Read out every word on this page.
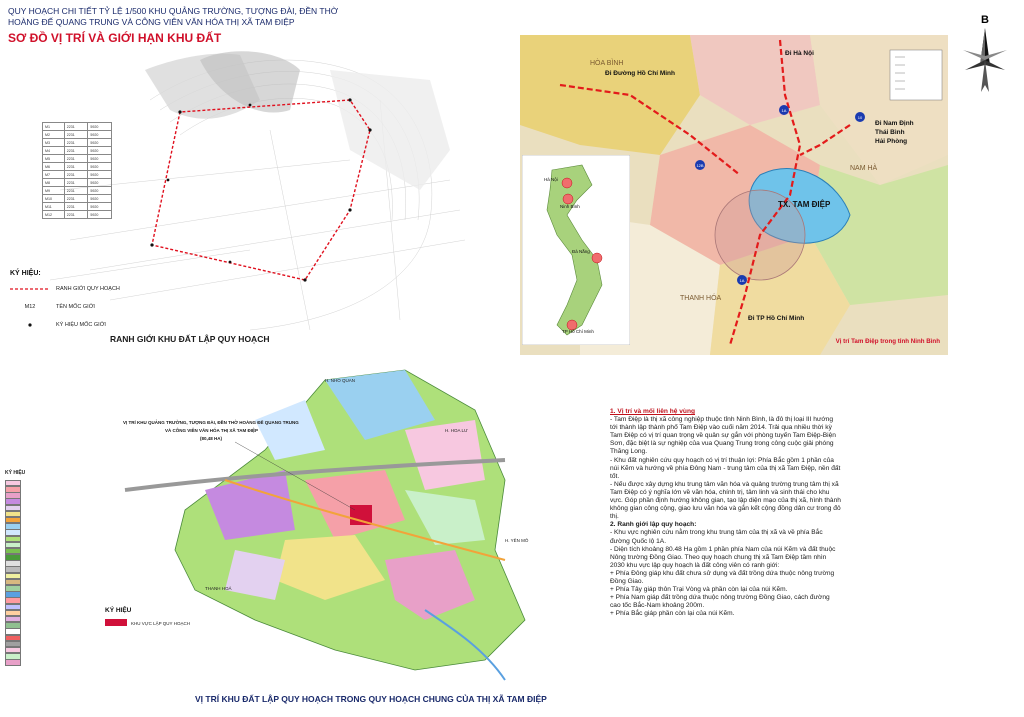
QUY HOẠCH CHI TIẾT TỶ LỆ 1/500 KHU QUẢNG TRƯỜNG, TƯỢNG ĐÀI, ĐỀN THỜ
HOÀNG ĐẾ QUANG TRUNG VÀ CÔNG VIÊN VĂN HÓA THỊ XÃ TAM ĐIỆP
SƠ ĐỒ VỊ TRÍ VÀ GIỚI HẠN KHU ĐẤT
B
M1	2231	5920
M2	2231	5920
M3	2231	5920
M4	2231	5920
M5	2231	5920
M6	2231	5920
M7	2231	5920
M8	2231	5920
M9	2231	5920
M10	2231	5920
M11	2231	5920
M12	2231	5920
KÝ HIỆU:
RANH GIỚI QUY HOẠCH
M12	TÊN MỐC GIỚI
KÝ HIỆU MỐC GIỚI
RANH GIỚI KHU ĐẤT LẬP QUY HOẠCH
1A
10
1A
12B
Đi Hà Nội
Đi Đường Hồ Chí Minh
Đi Nam Định
Thái Bình
Hải Phòng
TX. TAM ĐIỆP
Đi TP Hồ Chí Minh
HÒA BÌNH
NAM HÀ
THANH HÓA
Vị trí Tam Điệp trong tỉnh Ninh Bình
Hà Nội
Ninh Bình
Đà Nẵng
TP Hồ Chí Minh
H. NHO QUAN
H. HOA LƯ
H. YÊN MÔ
THANH HOÁ
VỊ TRÍ KHU QUẢNG TRƯỜNG, TƯỢNG ĐÀI, ĐỀN THỜ HOÀNG ĐẾ QUANG TRUNG
VÀ CÔNG VIÊN VĂN HÓA THỊ XÃ TAM ĐIỆP
(80,48 HA)
KÝ HIỆU
KHU VỰC LẬP QUY HOẠCH
KÝ HIỆU
VỊ TRÍ KHU ĐẤT LẬP QUY HOẠCH TRONG QUY HOẠCH CHUNG CỦA THỊ XÃ TAM ĐIỆP

1. Vị trí và mối liên hệ vùng

- Tam Điệp là thị xã công nghiệp thuộc tỉnh Ninh Bình, là đô thị loại III hướng tới thành lập thành phố Tam Điệp vào cuối năm 2014. Trải qua nhiều thời kỳ Tam Điệp có vị trí quan trọng về quân sự gắn với phòng tuyến Tam Điệp-Biện Sơn, đặc biệt là sự nghiệp của vua Quang Trung trong công cuộc giải phóng Thăng Long.

- Khu đất nghiên cứu quy hoạch có vị trí thuận lợi: Phía Bắc gồm 1 phần của núi Kẽm và hướng về phía Đông Nam - trung tâm của thị xã Tam Điệp, nền đất tốt.

- Nếu được xây dựng khu trung tâm văn hóa và quảng trường trung tâm thị xã Tam Điệp có ý nghĩa lớn về văn hóa, chính trị, tâm linh và sinh thái cho khu vực. Góp phần định hướng không gian, tạo lập diện mạo của thị xã, hình thành không gian công cộng, giao lưu văn hóa và gắn kết cộng đồng dân cư trong đô thị.

2. Ranh giới lập quy hoạch:

- Khu vực nghiên cứu nằm trong khu trung tâm của thị xã và về phía Bắc đường Quốc lộ 1A.

- Diện tích khoảng 80.48 Ha gồm 1 phần phía Nam của núi Kẽm và đất thuộc Nông trường Đồng Giao. Theo quy hoạch chung thị xã Tam Điệp tầm nhìn 2030 khu vực lập quy hoạch là đất công viên có ranh giới:

+ Phía Đông giáp khu đất chưa sử dụng và đất trồng dứa thuộc nông trường Đồng Giao.

+ Phía Tây giáp thôn Trại Vòng và phần còn lại của núi Kẽm.

+ Phía Nam giáp đất trồng dứa thuộc nông trường Đồng Giao, cách đường cao tốc Bắc-Nam khoảng 200m.

+ Phía Bắc giáp phần còn lại của núi Kẽm.
